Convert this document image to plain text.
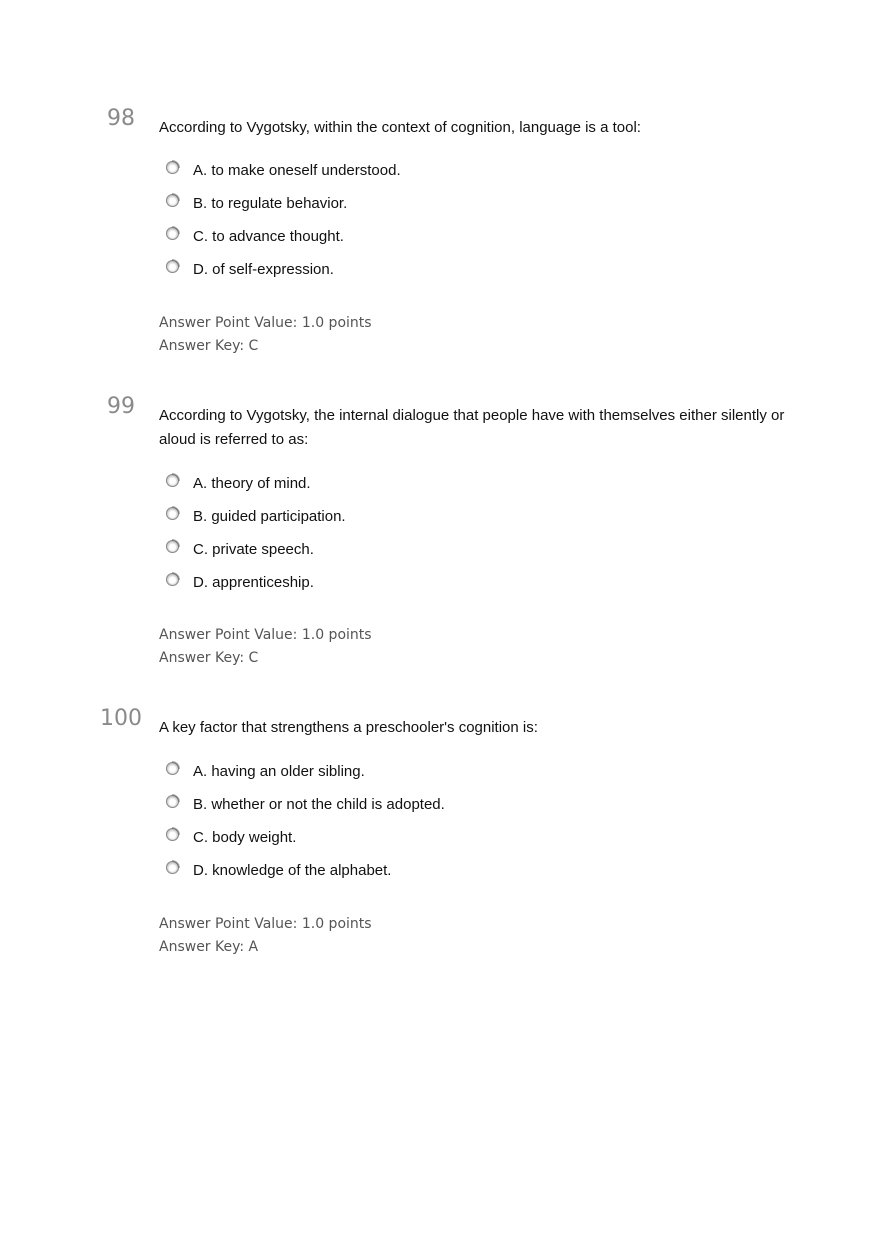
98	According to Vygotsky, within the context of cognition, language is a tool:
A. to make oneself understood.
B. to regulate behavior.
C. to advance thought.
D. of self-expression.
Answer Point Value: 1.0 points
Answer Key: C
99	According to Vygotsky, the internal dialogue that people have with themselves either silently or aloud is referred to as:
A. theory of mind.
B. guided participation.
C. private speech.
D. apprenticeship.
Answer Point Value: 1.0 points
Answer Key: C
100 A key factor that strengthens a preschooler's cognition is:
A. having an older sibling.
B. whether or not the child is adopted.
C. body weight.
D. knowledge of the alphabet.
Answer Point Value: 1.0 points
Answer Key: A
